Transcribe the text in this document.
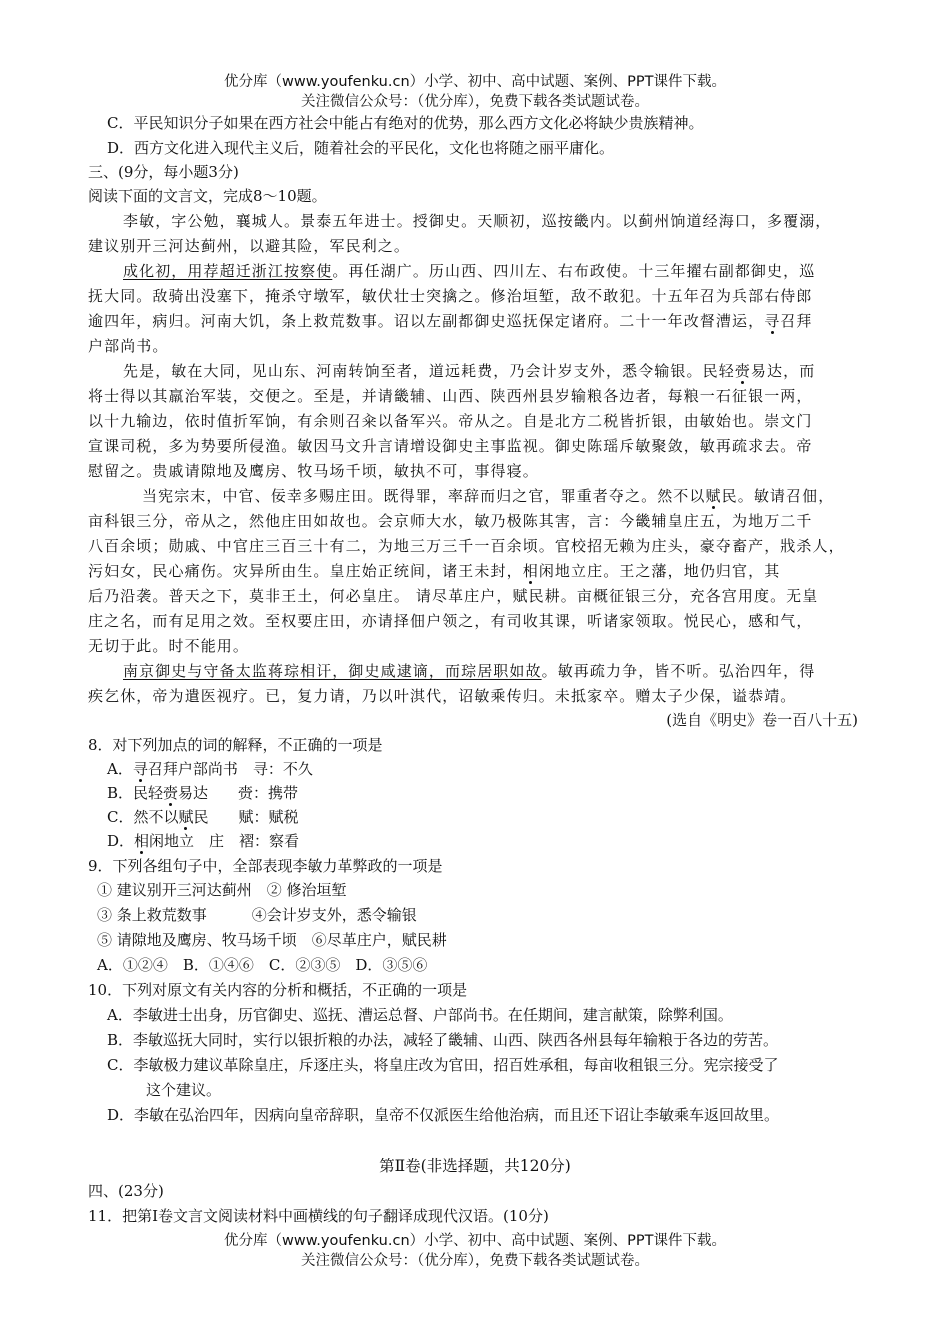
优分库（www.youfenku.cn）小学、初中、高中试题、案例、PPT课件下载。
关注微信公众号：（优分库），免费下载各类试题试卷。
C．平民知识分子如果在西方社会中能占有绝对的优势，那么西方文化必将缺少贵族精神。
D．西方文化进入现代主义后，随着社会的平民化，文化也将随之丽平庸化。
三、(9分，每小题3分)
阅读下面的文言文，完成8～10题。
李敏，字公勉，襄城人。景泰五年进士。授御史。天顺初，巡按畿内。以蓟州饷道经海口，多覆溺，
建议别开三河达蓟州，以避其险，军民利之。
成化初，用荐超迁浙江按察使。再任湖广。历山西、四川左、右布政使。十三年擢右副都御史，巡
抚大同。敌骑出没塞下，掩杀守墩军，敏伏壮士突擒之。修治垣堑，敌不敢犯。十五年召为兵部右侍郎
逾四年，病归。河南大饥，条上救荒数事。诏以左副都御史巡抚保定诸府。二十一年改督漕运，寻召拜
户部尚书。
先是，敏在大同，见山东、河南转饷至者，道远耗费，乃会计岁支外，悉令输银。民轻赍易达，而
将士得以其羸治军装，交便之。至是，并请畿辅、山西、陕西州县岁输粮各边者，每粮一石征银一两，
以十九输边，依时值折军饷，有余则召籴以备军兴。帝从之。自是北方二税皆折银，由敏始也。崇文门
宣课司税，多为势要所侵渔。敏因马文升言请增设御史主事监视。御史陈瑶斥敏聚敛，敏再疏求去。帝
慰留之。贵戚请隙地及鹰房、牧马场千顷，敏执不可，事得寝。
当宪宗末，中官、佞幸多赐庄田。既得罪，率辞而归之官，罪重者夺之。然不以赋民。敏请召佃，
亩科银三分，帝从之，然他庄田如故也。会京师大水，敏乃极陈其害，言：今畿辅皇庄五，为地万二千
八百余顷；勋戚、中官庄三百三十有二，为地三万三千一百余顷。官校招无赖为庄头，豪夺畜产，戕杀人，
污妇女，民心痛伤。灾异所由生。皇庄始正统间，诸王未封，相闲地立庄。王之藩，地仍归官，其
后乃沿袭。普天之下，莫非王土，何必皇庄。 请尽革庄户，赋民耕。亩概征银三分，充各宫用度。无皇
庄之名，而有足用之效。至权要庄田，亦请择佃户领之，有司收其课，听诸家领取。悦民心，感和气，
无切于此。时不能用。
南京御史与守备太监蒋琮相讦，御史咸逮谪，而琮居职如故。敏再疏力争，皆不听。弘治四年，得
疾乞休，帝为遣医视疗。已，复力请，乃以叶淇代，诏敏乘传归。未抵家卒。赠太子少保，谥恭靖。
(选自《明史》卷一百八十五)
8．对下列加点的词的解释，不正确的一项是
A．寻召拜户部尚书　寻：不久
B．民轻赍易达　　赍：携带
C．然不以赋民　　赋：赋税
D．相闲地立　庄　褶：察看
9．下列各组句子中，全部表现李敏力革弊政的一项是
① 建议别开三河达蓟州　② 修治垣堑
③ 条上救荒数事　　　④会计岁支外，悉令输银
⑤ 请隙地及鹰房、牧马场千顷　⑥尽革庄户，赋民耕
A．①②④　B．①④⑥　C．②③⑤　D．③⑤⑥
10．下列对原文有关内容的分析和概括，不正确的一项是
A．李敏进士出身，历官御史、巡抚、漕运总督、户部尚书。在任期间，建言献策，除弊利国。
B．李敏巡抚大同时，实行以银折粮的办法，减轻了畿辅、山西、陕西各州县每年输粮于各边的劳苦。
C．李敏极力建议革除皇庄，斥逐庄头，将皇庄改为官田，招百姓承租，每亩收租银三分。宪宗接受了
这个建议。
D．李敏在弘治四年，因病向皇帝辞职，皇帝不仅派医生给他治病，而且还下诏让李敏乘车返回故里。
第Ⅱ卷(非选择题，共120分)
四、(23分)
11．把第Ⅰ卷文言文阅读材料中画横线的句子翻译成现代汉语。(10分)
优分库（www.youfenku.cn）小学、初中、高中试题、案例、PPT课件下载。
关注微信公众号：（优分库），免费下载各类试题试卷。
